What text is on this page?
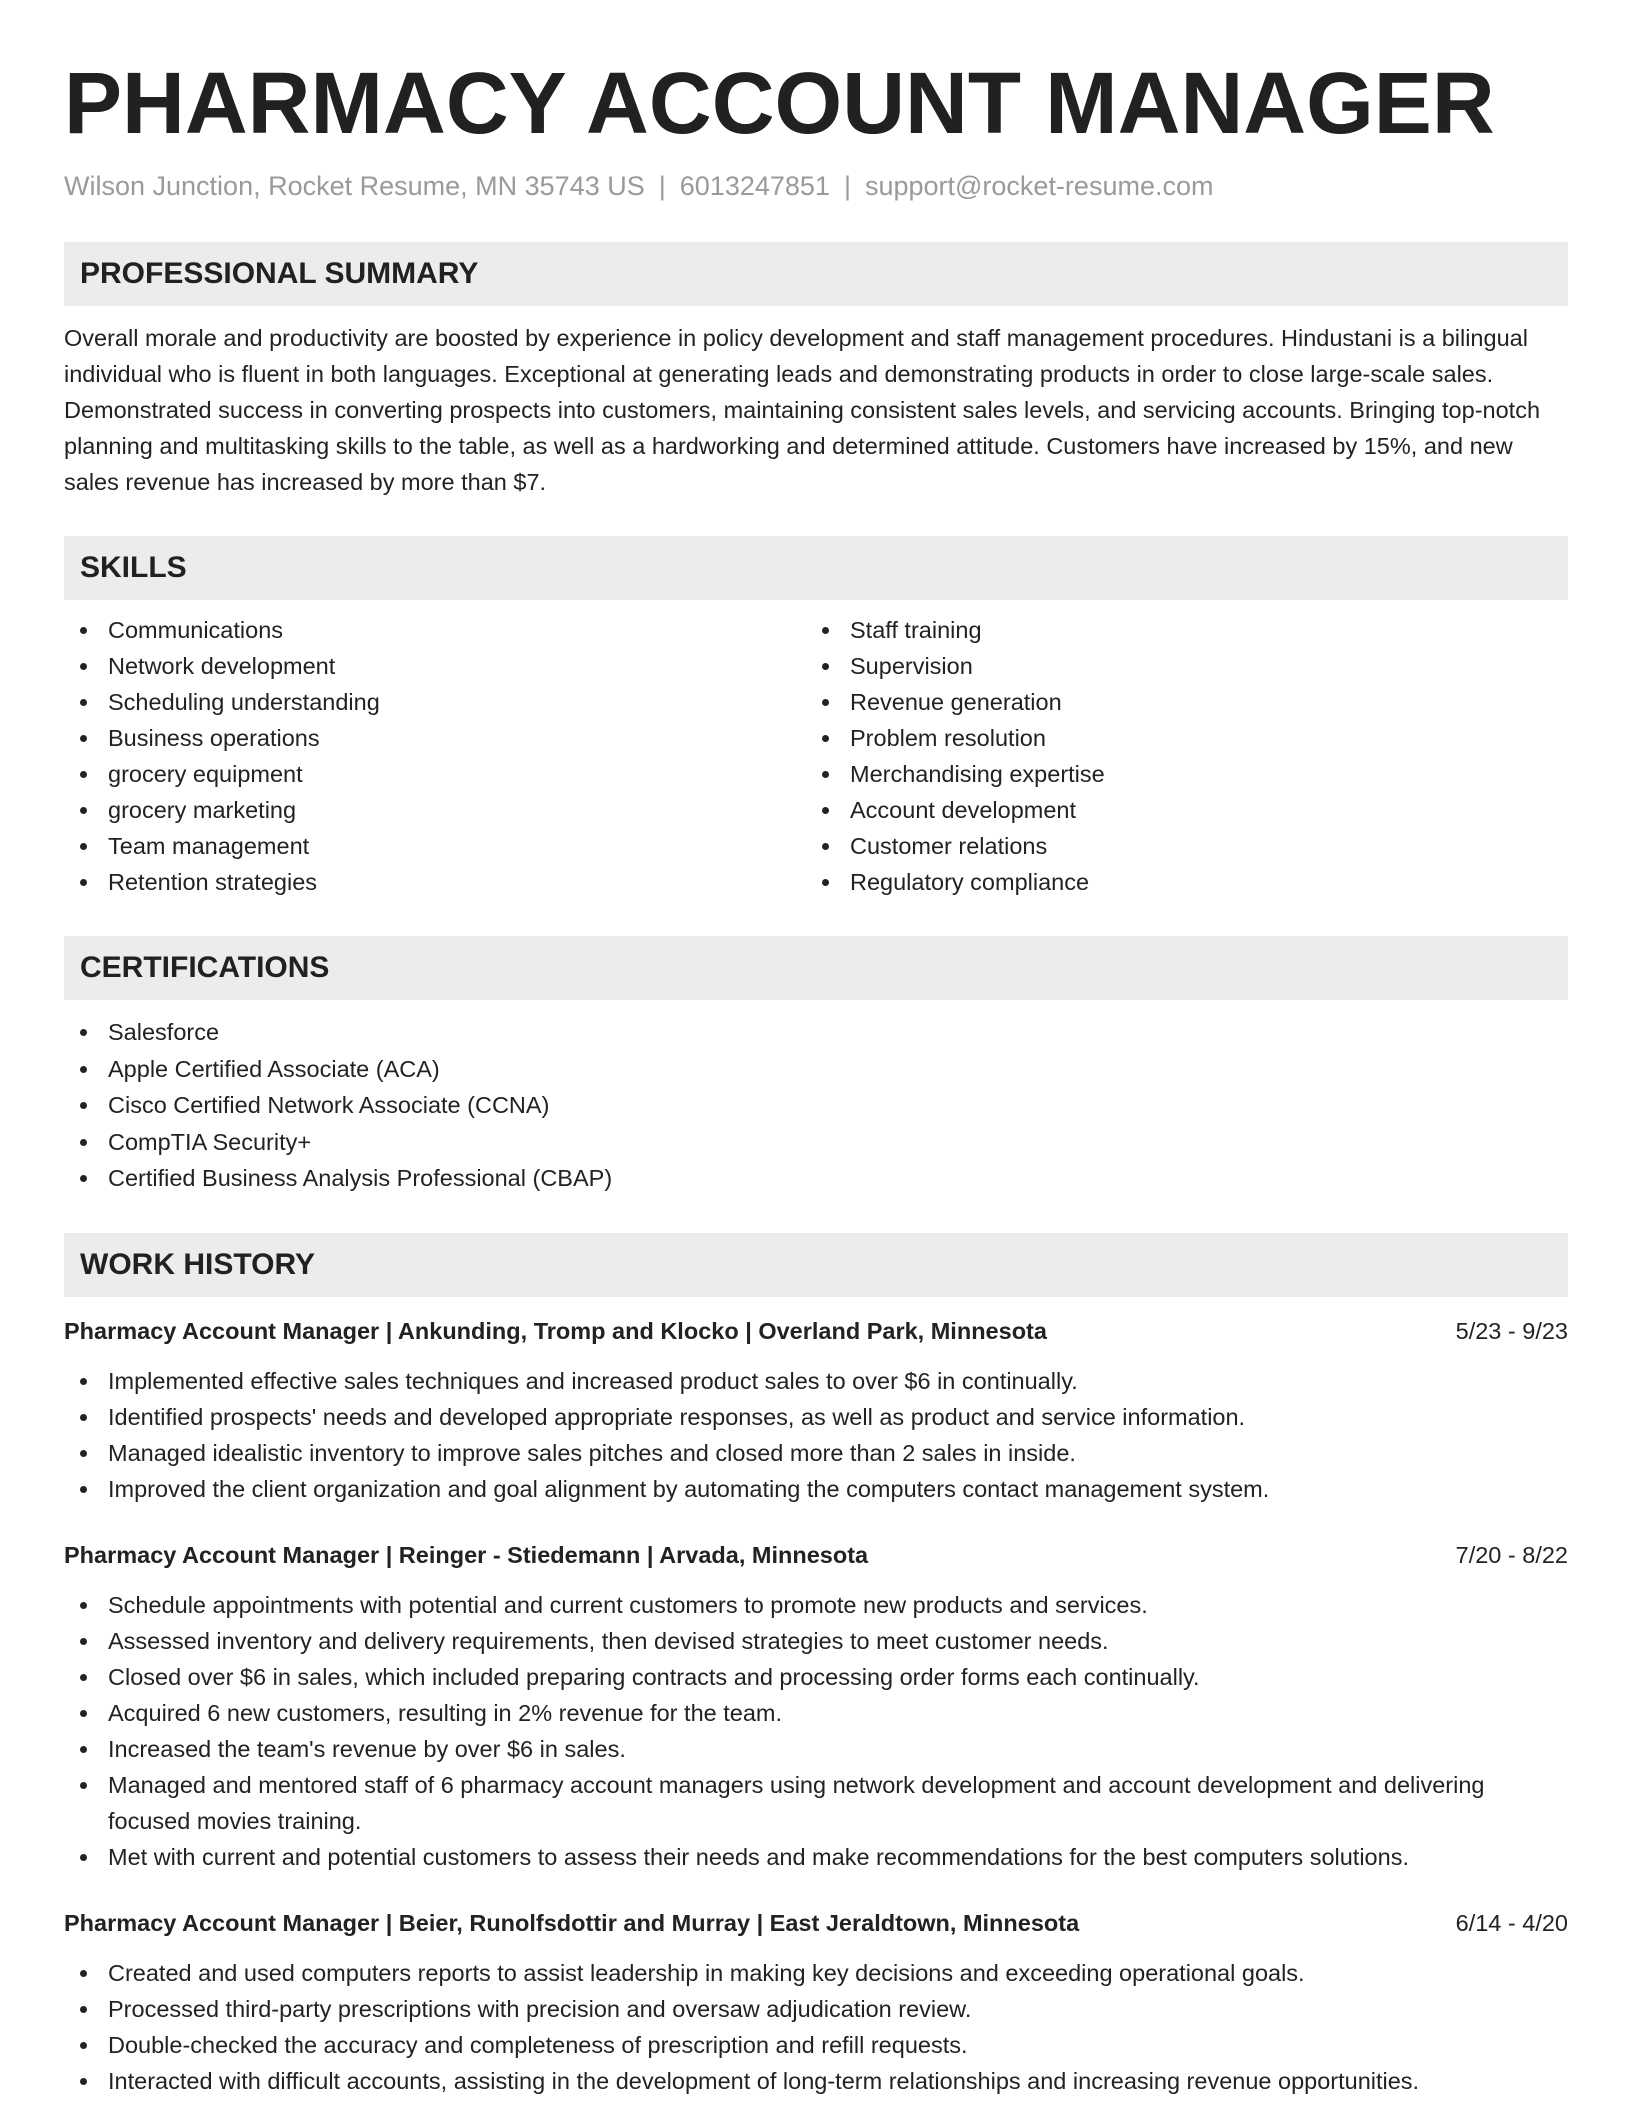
PHARMACY ACCOUNT MANAGER
Wilson Junction, Rocket Resume, MN 35743 US | 6013247851 | support@rocket-resume.com
PROFESSIONAL SUMMARY

Overall morale and productivity are boosted by experience in policy development and staff management procedures. Hindustani is a bilingual individual who is fluent in both languages. Exceptional at generating leads and demonstrating products in order to close large-scale sales. Demonstrated success in converting prospects into customers, maintaining consistent sales levels, and servicing accounts. Bringing top-notch planning and multitasking skills to the table, as well as a hardworking and determined attitude. Customers have increased by 15%, and new sales revenue has increased by more than $7.

SKILLS
Communications
Network development
Scheduling understanding
Business operations
grocery equipment
grocery marketing
Team management
Retention strategies
Staff training
Supervision
Revenue generation
Problem resolution
Merchandising expertise
Account development
Customer relations
Regulatory compliance
CERTIFICATIONS
Salesforce
Apple Certified Associate (ACA)
Cisco Certified Network Associate (CCNA)
CompTIA Security+
Certified Business Analysis Professional (CBAP)
WORK HISTORY
Pharmacy Account Manager | Ankunding, Tromp and Klocko | Overland Park, Minnesota	5/23 - 9/23
Implemented effective sales techniques and increased product sales to over $6 in continually.
Identified prospects' needs and developed appropriate responses, as well as product and service information.
Managed idealistic inventory to improve sales pitches and closed more than 2 sales in inside.
Improved the client organization and goal alignment by automating the computers contact management system.
Pharmacy Account Manager | Reinger - Stiedemann | Arvada, Minnesota	7/20 - 8/22
Schedule appointments with potential and current customers to promote new products and services.
Assessed inventory and delivery requirements, then devised strategies to meet customer needs.
Closed over $6 in sales, which included preparing contracts and processing order forms each continually.
Acquired 6 new customers, resulting in 2% revenue for the team.
Increased the team's revenue by over $6 in sales.
Managed and mentored staff of 6 pharmacy account managers using network development and account development and delivering focused movies training.
Met with current and potential customers to assess their needs and make recommendations for the best computers solutions.
Pharmacy Account Manager | Beier, Runolfsdottir and Murray | East Jeraldtown, Minnesota	6/14 - 4/20
Created and used computers reports to assist leadership in making key decisions and exceeding operational goals.
Processed third-party prescriptions with precision and oversaw adjudication review.
Double-checked the accuracy and completeness of prescription and refill requests.
Interacted with difficult accounts, assisting in the development of long-term relationships and increasing revenue opportunities.
